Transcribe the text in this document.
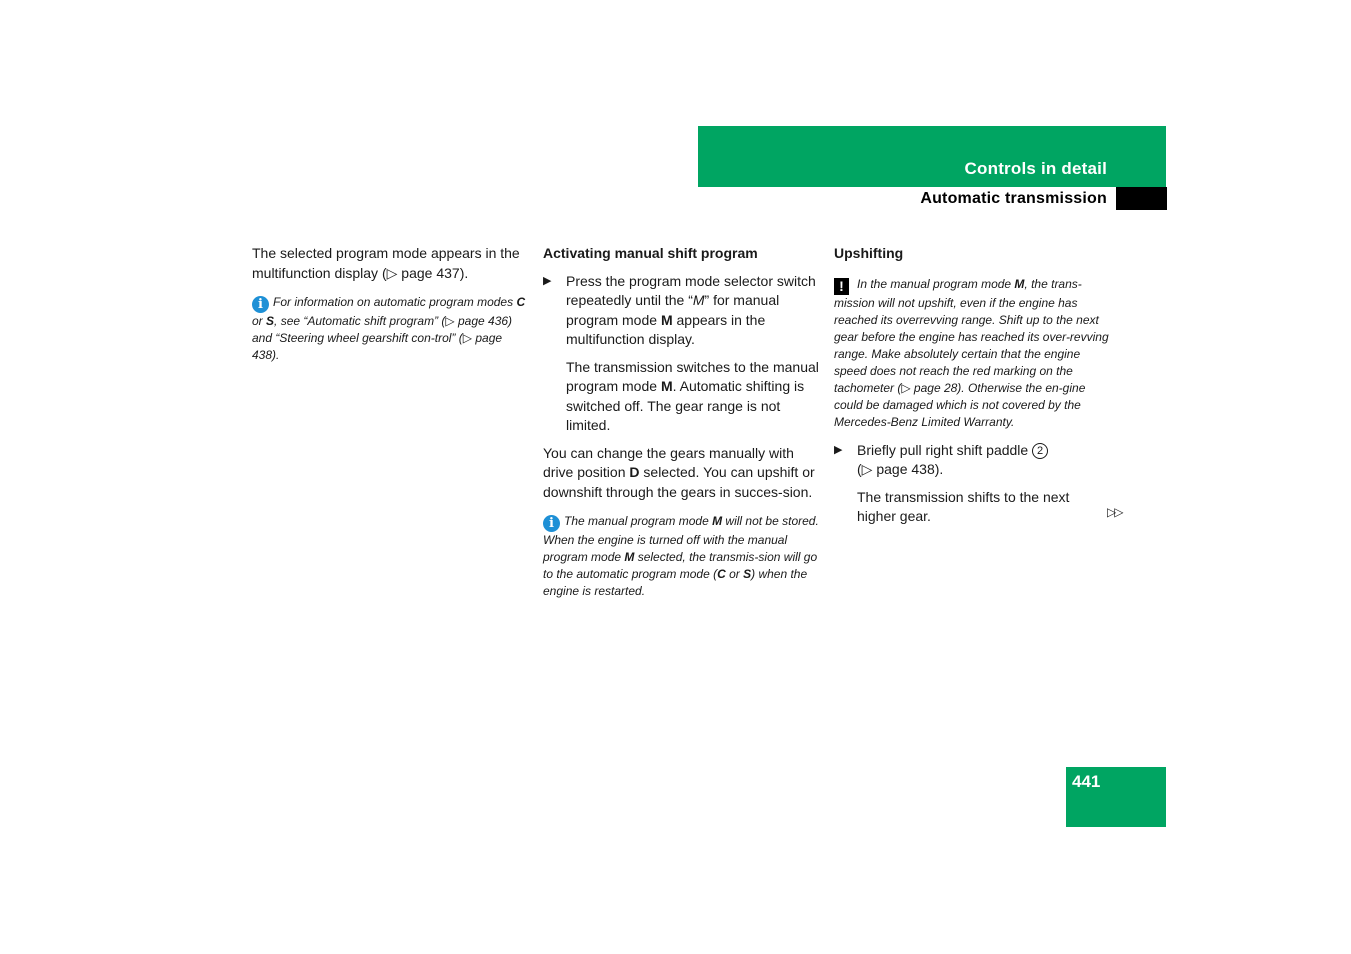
Controls in detail
Automatic transmission

The selected program mode appears in the multifunction display (▷ page 437).

i For information on automatic program modes C or S, see “Automatic shift program” (▷ page 436) and “Steering wheel gearshift con-trol” (▷ page 438).

Activating manual shift program

▶ Press the program mode selector switch repeatedly until the “M” for manual program mode M appears in the multifunction display.

The transmission switches to the manual program mode M. Automatic shifting is switched off. The gear range is not limited.

You can change the gears manually with drive position D selected. You can upshift or downshift through the gears in succes-sion.

i The manual program mode M will not be stored. When the engine is turned off with the manual program mode M selected, the transmis-sion will go to the automatic program mode (C or S) when the engine is restarted.

Upshifting

! In the manual program mode M, the trans-mission will not upshift, even if the engine has reached its overrevving range. Shift up to the next gear before the engine has reached its over-revving range. Make absolutely certain that the engine speed does not reach the red marking on the tachometer (▷ page 28). Otherwise the en-gine could be damaged which is not covered by the Mercedes-Benz Limited Warranty.

▶ Briefly pull right shift paddle 2
(▷ page 438).

The transmission shifts to the next higher gear.	▷▷
441
